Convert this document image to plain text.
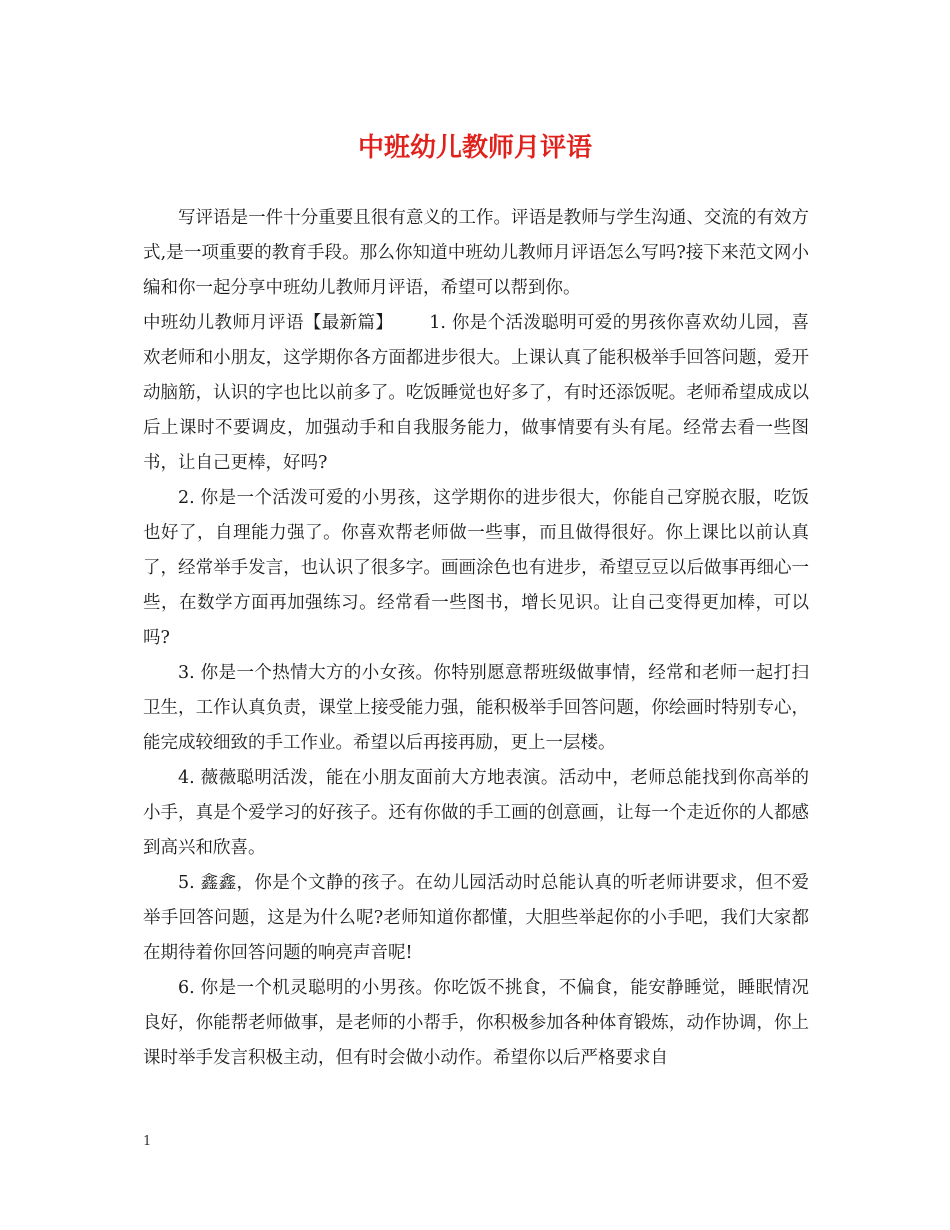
中班幼儿教师月评语

写评语是一件十分重要且很有意义的工作。评语是教师与学生沟通、交流的有效方式,是一项重要的教育手段。那么你知道中班幼儿教师月评语怎么写吗?接下来范文网小编和你一起分享中班幼儿教师月评语，希望可以帮到你。

中班幼儿教师月评语【最新篇】 1. 你是个活泼聪明可爱的男孩你喜欢幼儿园，喜欢老师和小朋友，这学期你各方面都进步很大。上课认真了能积极举手回答问题，爱开动脑筋，认识的字也比以前多了。吃饭睡觉也好多了，有时还添饭呢。老师希望成成以后上课时不要调皮，加强动手和自我服务能力，做事情要有头有尾。经常去看一些图书，让自己更棒，好吗?

2. 你是一个活泼可爱的小男孩，这学期你的进步很大，你能自己穿脱衣服，吃饭也好了，自理能力强了。你喜欢帮老师做一些事，而且做得很好。你上课比以前认真了，经常举手发言，也认识了很多字。画画涂色也有进步，希望豆豆以后做事再细心一些，在数学方面再加强练习。经常看一些图书，增长见识。让自己变得更加棒，可以吗?

3. 你是一个热情大方的小女孩。你特别愿意帮班级做事情，经常和老师一起打扫卫生，工作认真负责，课堂上接受能力强，能积极举手回答问题，你绘画时特别专心，能完成较细致的手工作业。希望以后再接再励，更上一层楼。

4. 薇薇聪明活泼，能在小朋友面前大方地表演。活动中，老师总能找到你高举的小手，真是个爱学习的好孩子。还有你做的手工画的创意画，让每一个走近你的人都感到高兴和欣喜。

5. 鑫鑫，你是个文静的孩子。在幼儿园活动时总能认真的听老师讲要求，但不爱举手回答问题，这是为什么呢?老师知道你都懂，大胆些举起你的小手吧，我们大家都在期待着你回答问题的响亮声音呢!

6. 你是一个机灵聪明的小男孩。你吃饭不挑食，不偏食，能安静睡觉，睡眠情况良好，你能帮老师做事，是老师的小帮手，你积极参加各种体育锻炼，动作协调，你上课时举手发言积极主动，但有时会做小动作。希望你以后严格要求自

1
